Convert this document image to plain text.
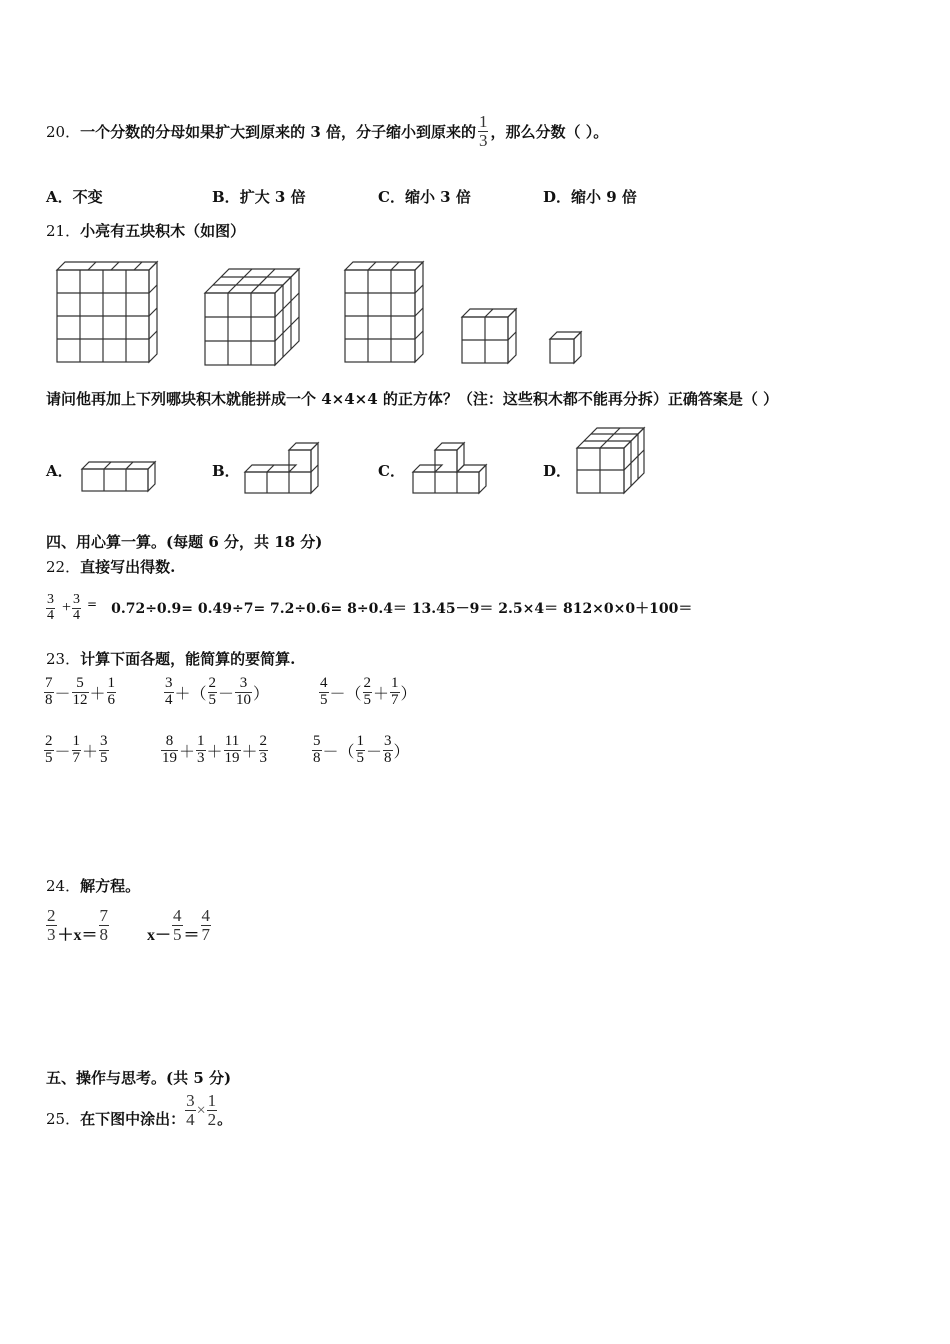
20． 一个分数的分母如果扩大到原来的 3 倍，分子缩小到原来的 $\frac{1}{3}$ ，那么分数（ ）。
A．不变	B．扩大 3 倍	C．缩小 3 倍	D．缩小 9 倍
21．小亮有五块积木（如图）
请问他再加上下列哪块积木就能拼成一个 4×4×4 的正方体？（注：这些积木都不能再分拆）正确答案是（ ）
A．	B．	C．	D．
四、用心算一算。(每题 6 分，共 18 分)
22．直接写出得数.
$\frac{3}{4} + \frac{3}{4} = 0.72\div 0.9= 0.49\div 7= 7.2\div 0.6= 8\div 0.4= 13.45-9= 2.5\times 4= 812\times 0\times 0+100=$
23．计算下面各题，能简算的要简算.
$\frac{7}{8} - \frac{5}{12} + \frac{1}{6}$	$\frac{3}{4}$ ＋（ $\frac{2}{5} - \frac{3}{10}$ ）	$\frac{4}{5}$ －（ $\frac{2}{5} + \frac{1}{7}$ ）
$\frac{2}{5} - \frac{1}{7} + \frac{3}{5}$	$\frac{8}{19} + \frac{1}{3} + \frac{11}{19} + \frac{2}{3}$	$\frac{5}{8}$ －（ $\frac{1}{5} - \frac{3}{8}$ ）
24．解方程。
$\frac{2}{3} +x= \frac{7}{8} x- \frac{4}{5} = \frac{4}{7}$
五、操作与思考。(共 5 分)
25． 在下图中涂出： $\frac{3}{4} \times \frac{1}{2}$ 。
